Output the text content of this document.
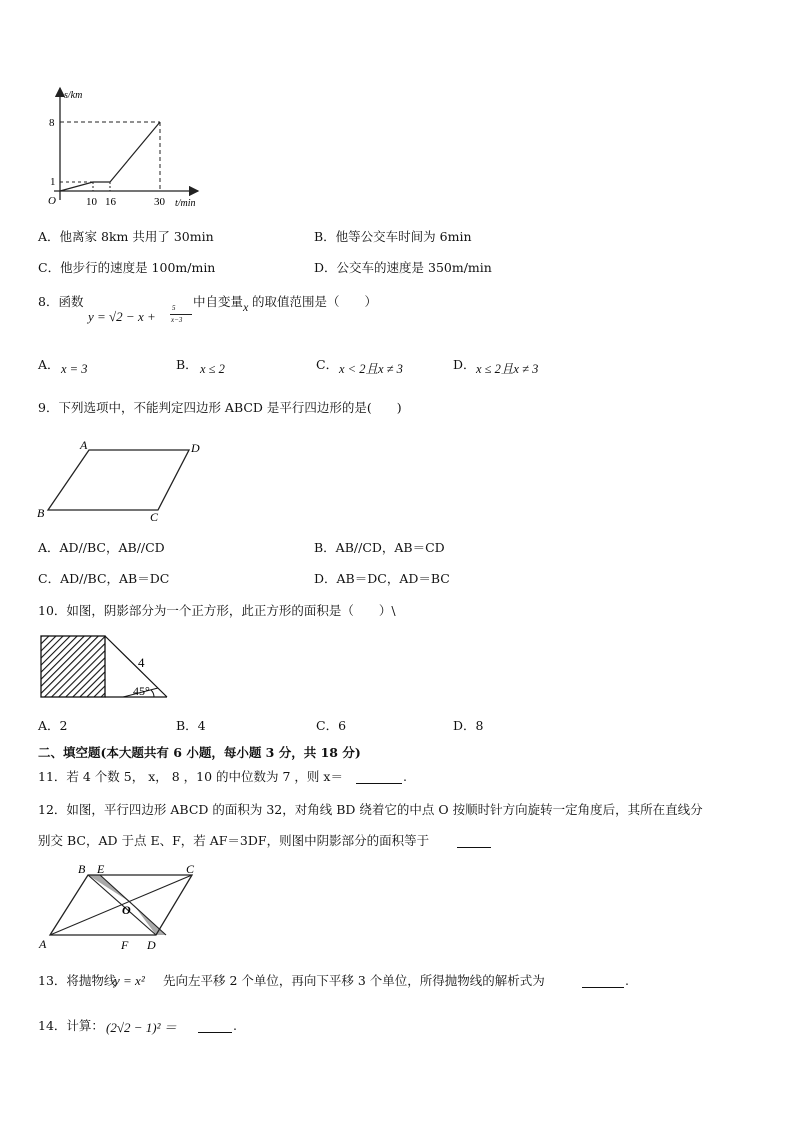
s/km
t/min
O
8
1
10 16	30
A．他离家 8km 共用了 30min	B．他等公交车时间为 6min
C．他步行的速度是 100m/min	D．公交车的速度是 350m/min
8．函数
y = √2 − x +
5
x−3
中自变量 x 的取值范围是（　　）
A． x = 3	B． x ≤ 2	C． x < 2且x ≠ 3	D． x ≤ 2且x ≠ 3
9．下列选项中，不能判定四边形 ABCD 是平行四边形的是(　　)
A	D
B	C
A．AD//BC，AB//CD	B．AB//CD，AB＝CD
C．AD//BC，AB＝DC	D．AB＝DC，AD＝BC
10．如图，阴影部分为一个正方形，此正方形的面积是（　　）\
4
45°
A．2	B．4	C．6	D．8
二、填空题(本大题共有 6 小题，每小题 3 分，共 18 分)
11．若 4 个数 5， x， 8 ，10 的中位数为 7 ，则 x＝	.
12．如图，平行四边形 ABCD 的面积为 32，对角线 BD 绕着它的中点 O 按顺时针方向旋转一定角度后，其所在直线分
别交 BC，AD 于点 E、F，若 AF＝3DF，则图中阴影部分的面积等于
B E	C
O
A	F D
13．将抛物线
y = x² 先向左平移 2 个单位，再向下平移 3 个单位，所得抛物线的解析式为	.
14．计算： (2√2 − 1)² ＝	.
